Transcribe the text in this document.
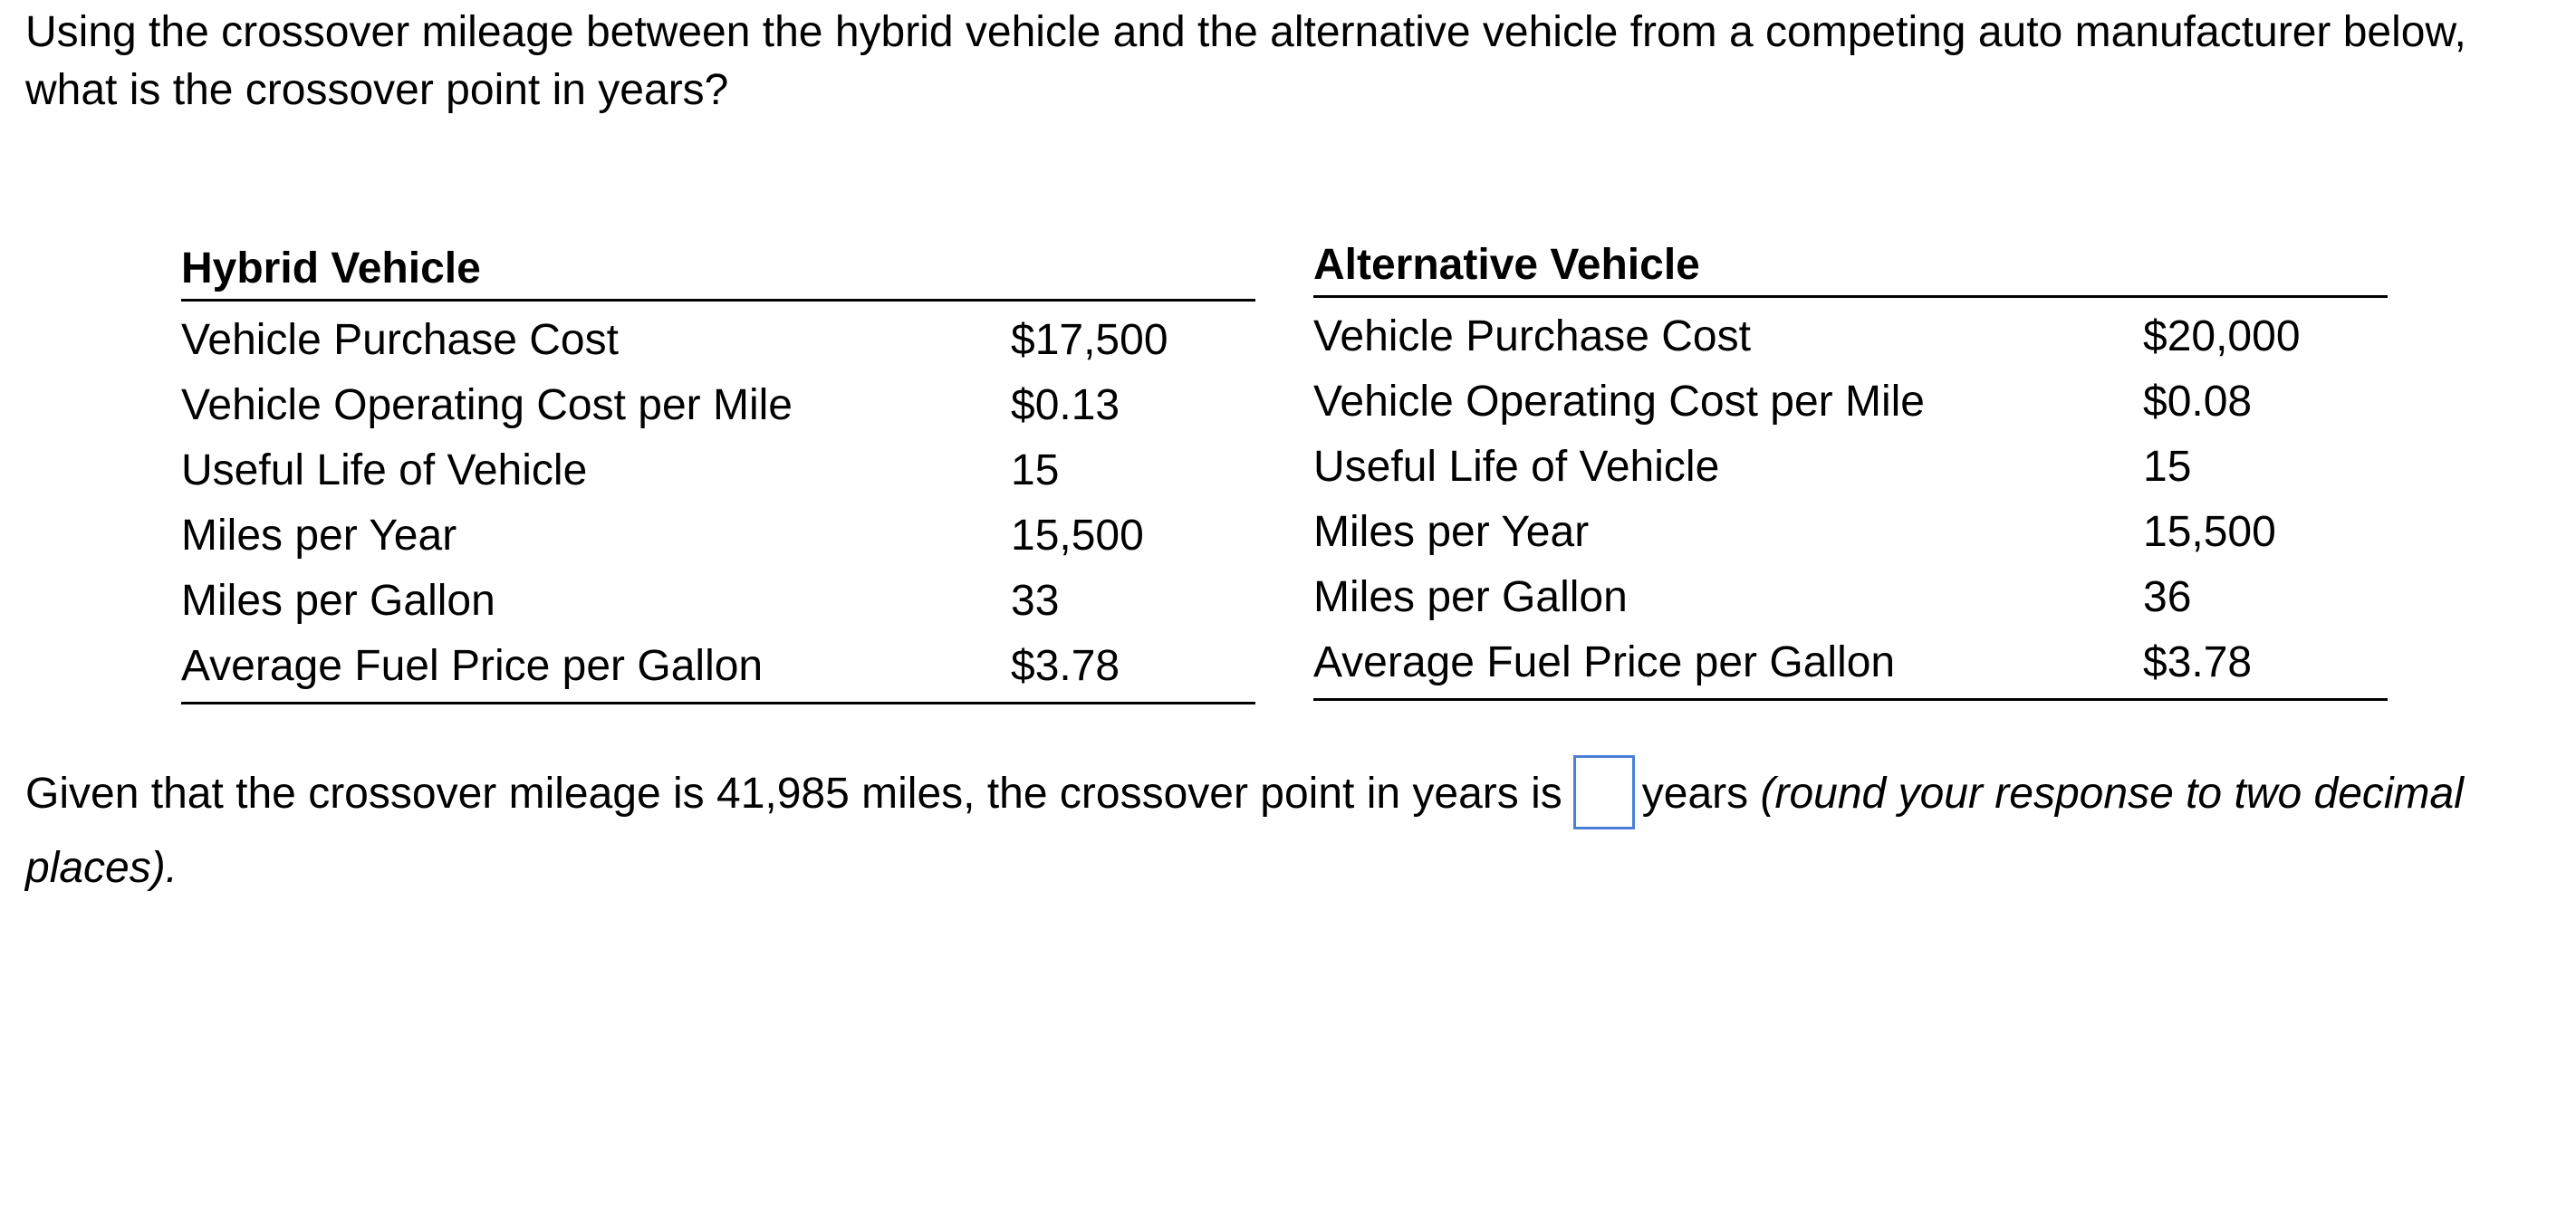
Using the crossover mileage between the hybrid vehicle and the alternative vehicle from a competing auto manufacturer below, what is the crossover point in years?

Hybrid Vehicle	
Vehicle Purchase Cost	$17,500
Vehicle Operating Cost per Mile	$0.13
Useful Life of Vehicle	15
Miles per Year	15,500
Miles per Gallon	33
Average Fuel Price per Gallon	$3.78
Alternative Vehicle	
Vehicle Purchase Cost	$20,000
Vehicle Operating Cost per Mile	$0.08
Useful Life of Vehicle	15
Miles per Year	15,500
Miles per Gallon	36
Average Fuel Price per Gallon	$3.78

Given that the crossover mileage is 41,985 miles, the crossover point in years is years (round your response to two decimal places).
